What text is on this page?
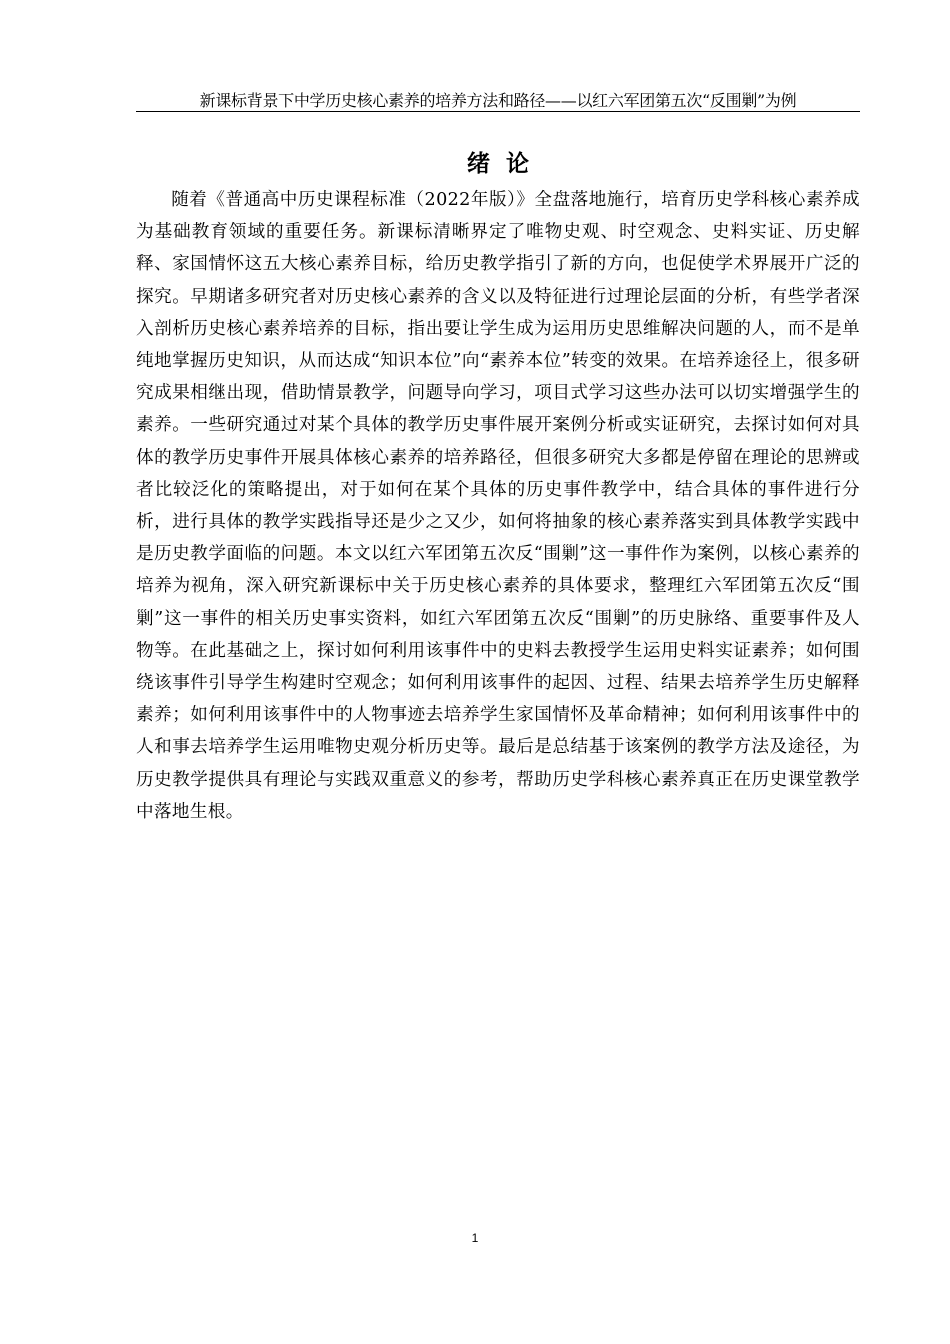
新课标背景下中学历史核心素养的培养方法和路径——以红六军团第五次“反围剿”为例
绪论

随着《普通高中历史课程标准（2022年版）》全盘落地施行，培育历史学科核心素养成为基础教育领域的重要任务。新课标清晰界定了唯物史观、时空观念、史料实证、历史解释、家国情怀这五大核心素养目标，给历史教学指引了新的方向，也促使学术界展开广泛的探究。早期诸多研究者对历史核心素养的含义以及特征进行过理论层面的分析，有些学者深入剖析历史核心素养培养的目标，指出要让学生成为运用历史思维解决问题的人，而不是单纯地掌握历史知识，从而达成“知识本位”向“素养本位”转变的效果。在培养途径上，很多研究成果相继出现，借助情景教学，问题导向学习，项目式学习这些办法可以切实增强学生的素养。一些研究通过对某个具体的教学历史事件展开案例分析或实证研究，去探讨如何对具体的教学历史事件开展具体核心素养的培养路径，但很多研究大多都是停留在理论的思辨或者比较泛化的策略提出，对于如何在某个具体的历史事件教学中，结合具体的事件进行分析，进行具体的教学实践指导还是少之又少，如何将抽象的核心素养落实到具体教学实践中是历史教学面临的问题。本文以红六军团第五次反“围剿”这一事件作为案例，以核心素养的培养为视角，深入研究新课标中关于历史核心素养的具体要求，整理红六军团第五次反“围剿”这一事件的相关历史事实资料，如红六军团第五次反“围剿”的历史脉络、重要事件及人物等。在此基础之上，探讨如何利用该事件中的史料去教授学生运用史料实证素养；如何围绕该事件引导学生构建时空观念；如何利用该事件的起因、过程、结果去培养学生历史解释素养；如何利用该事件中的人物事迹去培养学生家国情怀及革命精神；如何利用该事件中的人和事去培养学生运用唯物史观分析历史等。最后是总结基于该案例的教学方法及途径，为历史教学提供具有理论与实践双重意义的参考，帮助历史学科核心素养真正在历史课堂教学中落地生根。

1
